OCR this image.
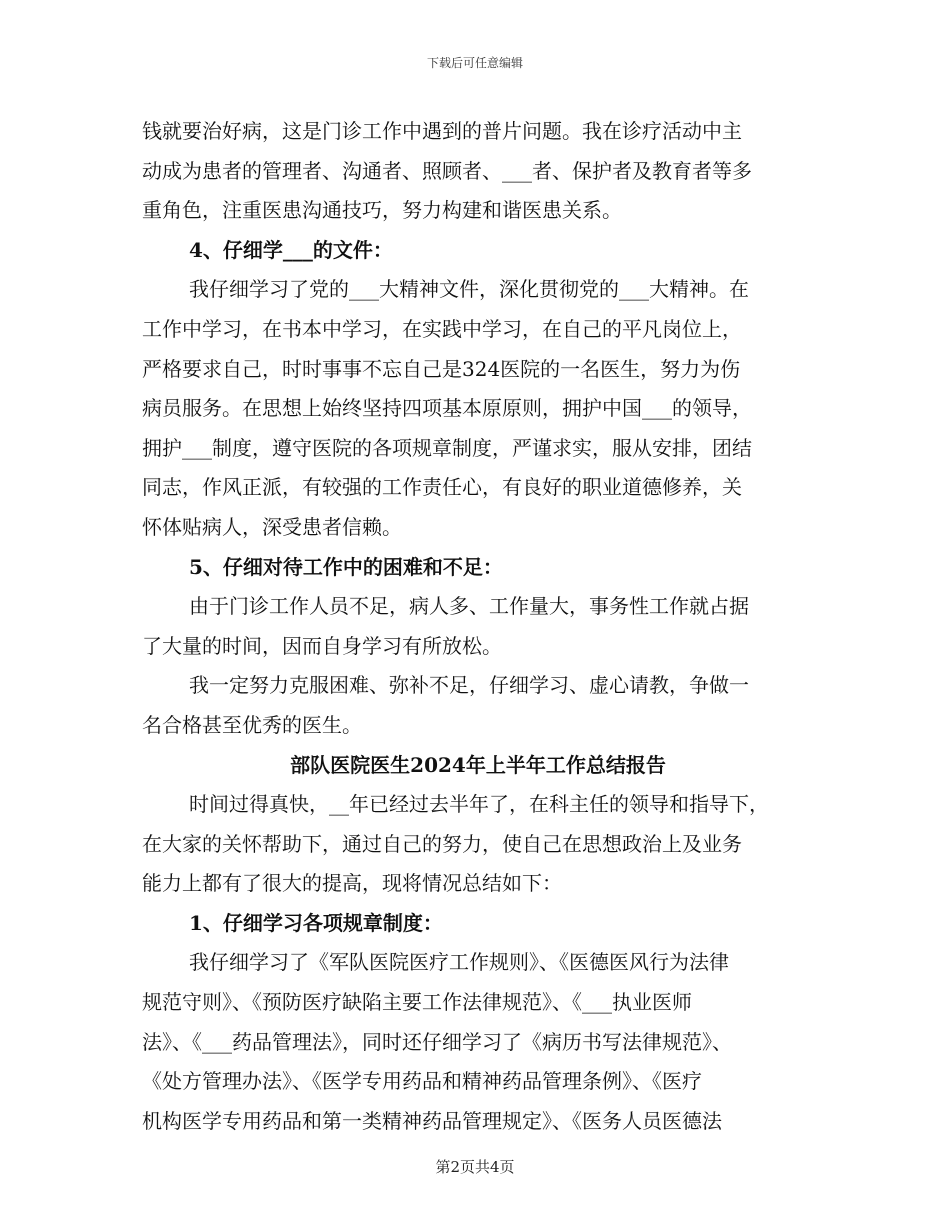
下载后可任意编辑
钱就要治好病，这是门诊工作中遇到的普片问题。我在诊疗活动中主
动成为患者的管理者、沟通者、照顾者、___者、保护者及教育者等多
重角色，注重医患沟通技巧，努力构建和谐医患关系。
4、仔细学___的文件：
我仔细学习了党的___大精神文件，深化贯彻党的___大精神。在
工作中学习，在书本中学习，在实践中学习，在自己的平凡岗位上，
严格要求自己，时时事事不忘自己是324医院的一名医生，努力为伤
病员服务。在思想上始终坚持四项基本原原则，拥护中国___的领导，
拥护___制度，遵守医院的各项规章制度，严谨求实，服从安排，团结
同志，作风正派，有较强的工作责任心，有良好的职业道德修养，关
怀体贴病人，深受患者信赖。
5、仔细对待工作中的困难和不足：
由于门诊工作人员不足，病人多、工作量大，事务性工作就占据
了大量的时间，因而自身学习有所放松。
我一定努力克服困难、弥补不足，仔细学习、虚心请教，争做一
名合格甚至优秀的医生。
部队医院医生2024年上半年工作总结报告
时间过得真快，__年已经过去半年了，在科主任的领导和指导下，
在大家的关怀帮助下，通过自己的努力，使自己在思想政治上及业务
能力上都有了很大的提高，现将情况总结如下：
1、仔细学习各项规章制度：
我仔细学习了《军队医院医疗工作规则》、《医德医风行为法律
规范守则》、《预防医疗缺陷主要工作法律规范》、《___执业医师
法》、《___药品管理法》，同时还仔细学习了《病历书写法律规范》、
《处方管理办法》、《医学专用药品和精神药品管理条例》、《医疗
机构医学专用药品和第一类精神药品管理规定》、《医务人员医德法
第2页共4页
